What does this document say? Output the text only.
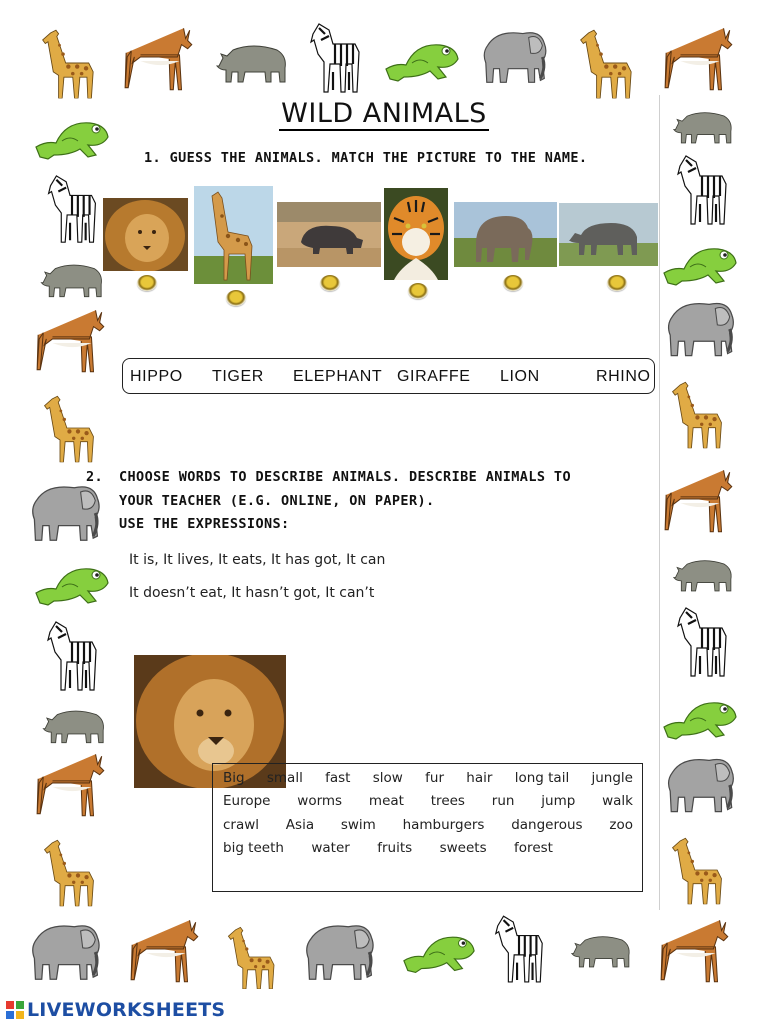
WILD ANIMALS
1. GUESS THE ANIMALS. MATCH THE PICTURE TO THE NAME.
HIPPO TIGER ELEPHANT GIRAFFE LION	RHINO
2. CHOOSE WORDS TO DESCRIBE ANIMALS. DESCRIBE ANIMALS TO
YOUR TEACHER (E.G. ONLINE, ON PAPER).
USE THE EXPRESSIONS:
It is, It lives, It eats, It has got, It can
It doesn’t eat, It hasn’t got, It can’t
Big small fast slow fur hair long tail jungle
Europe worms meat trees run jump walk
crawl Asia swim hamburgers dangerous zoo
big teeth water fruits sweets forest
LIVEWORKSHEETS
